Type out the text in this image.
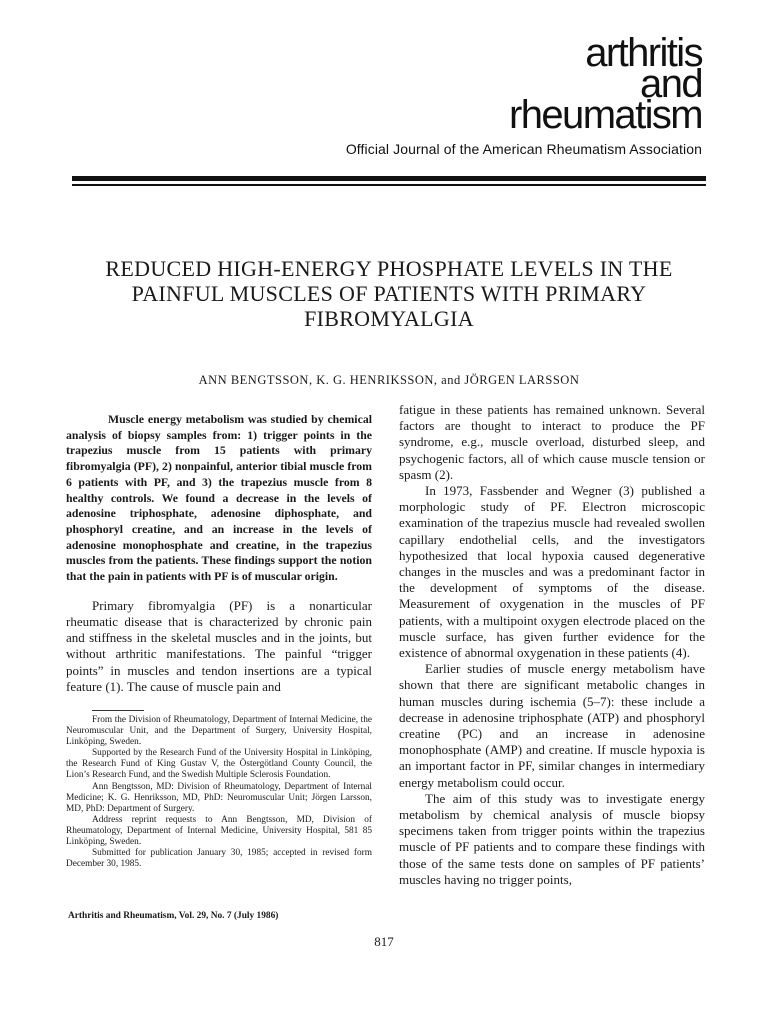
arthritis
and
rheumatism
Official Journal of the American Rheumatism Association
REDUCED HIGH-ENERGY PHOSPHATE LEVELS IN THE PAINFUL MUSCLES OF PATIENTS WITH PRIMARY FIBROMYALGIA
ANN BENGTSSON, K. G. HENRIKSSON, and JÖRGEN LARSSON

Muscle energy metabolism was studied by chemical analysis of biopsy samples from: 1) trigger points in the trapezius muscle from 15 patients with primary fibromyalgia (PF), 2) nonpainful, anterior tibial muscle from 6 patients with PF, and 3) the trapezius muscle from 8 healthy controls. We found a decrease in the levels of adenosine triphosphate, adenosine diphosphate, and phosphoryl creatine, and an increase in the levels of adenosine monophosphate and creatine, in the trapezius muscles from the patients. These findings support the notion that the pain in patients with PF is of muscular origin.

Primary fibromyalgia (PF) is a nonarticular rheumatic disease that is characterized by chronic pain and stiffness in the skeletal muscles and in the joints, but without arthritic manifestations. The painful “trigger points” in muscles and tendon insertions are a typical feature (1). The cause of muscle pain and

From the Division of Rheumatology, Department of Internal Medicine, the Neuromuscular Unit, and the Department of Surgery, University Hospital, Linköping, Sweden.

Supported by the Research Fund of the University Hospital in Linköping, the Research Fund of King Gustav V, the Östergötland County Council, the Lion’s Research Fund, and the Swedish Multiple Sclerosis Foundation.

Ann Bengtsson, MD: Division of Rheumatology, Department of Internal Medicine; K. G. Henriksson, MD, PhD: Neuromuscular Unit; Jörgen Larsson, MD, PhD: Department of Surgery.

Address reprint requests to Ann Bengtsson, MD, Division of Rheumatology, Department of Internal Medicine, University Hospital, 581 85 Linköping, Sweden.

Submitted for publication January 30, 1985; accepted in revised form December 30, 1985.

fatigue in these patients has remained unknown. Several factors are thought to interact to produce the PF syndrome, e.g., muscle overload, disturbed sleep, and psychogenic factors, all of which cause muscle tension or spasm (2).

In 1973, Fassbender and Wegner (3) published a morphologic study of PF. Electron microscopic examination of the trapezius muscle had revealed swollen capillary endothelial cells, and the investigators hypothesized that local hypoxia caused degenerative changes in the muscles and was a predominant factor in the development of symptoms of the disease. Measurement of oxygenation in the muscles of PF patients, with a multipoint oxygen electrode placed on the muscle surface, has given further evidence for the existence of abnormal oxygenation in these patients (4).

Earlier studies of muscle energy metabolism have shown that there are significant metabolic changes in human muscles during ischemia (5–7): these include a decrease in adenosine triphosphate (ATP) and phosphoryl creatine (PC) and an increase in adenosine monophosphate (AMP) and creatine. If muscle hypoxia is an important factor in PF, similar changes in intermediary energy metabolism could occur.

The aim of this study was to investigate energy metabolism by chemical analysis of muscle biopsy specimens taken from trigger points within the trapezius muscle of PF patients and to compare these findings with those of the same tests done on samples of PF patients’ muscles having no trigger points,

Arthritis and Rheumatism, Vol. 29, No. 7 (July 1986)
817
